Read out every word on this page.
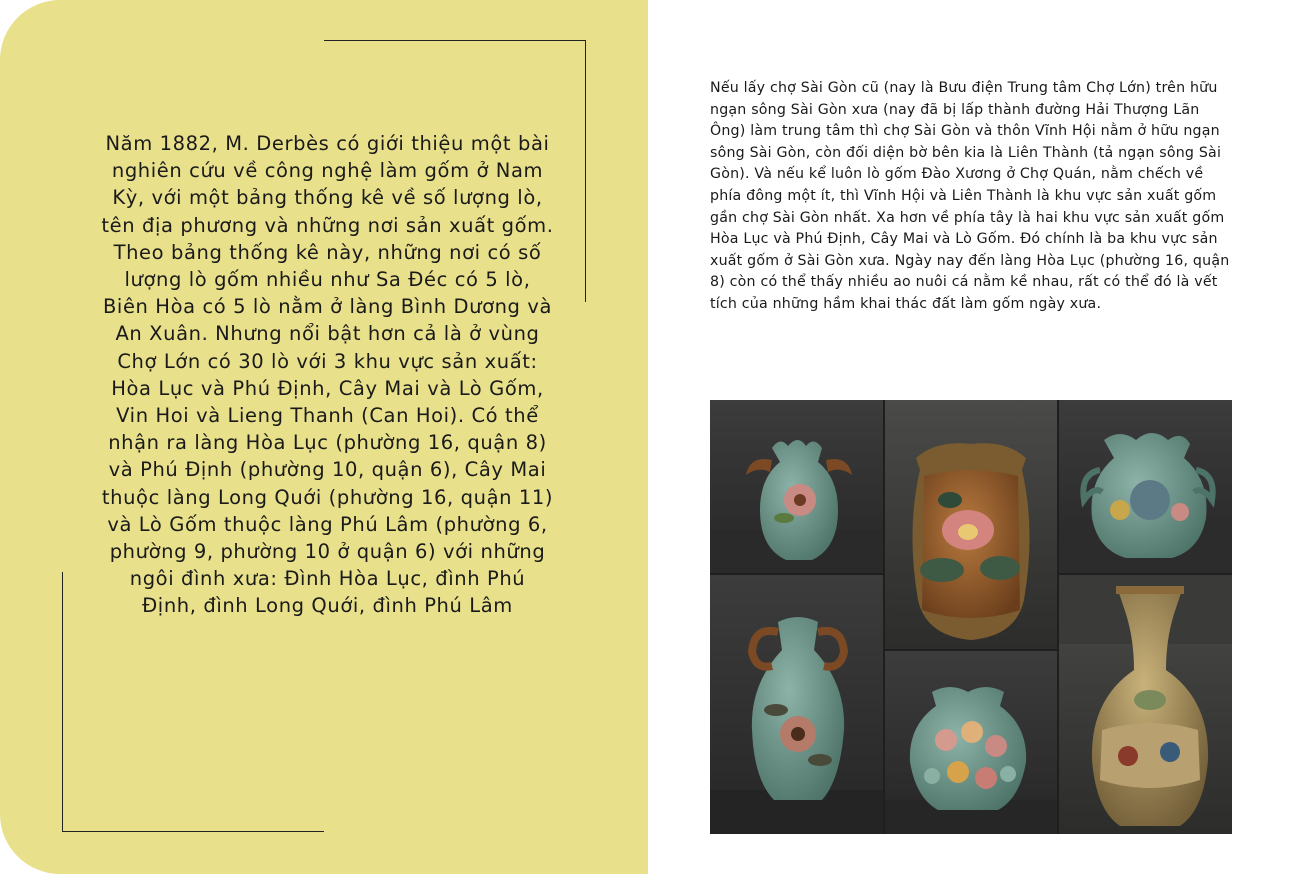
Năm 1882, M. Derbès có giới thiệu một bài nghiên cứu về công nghệ làm gốm ở Nam Kỳ, với một bảng thống kê về số lượng lò, tên địa phương và những nơi sản xuất gốm. Theo bảng thống kê này, những nơi có số lượng lò gốm nhiều như Sa Đéc có 5 lò, Biên Hòa có 5 lò nằm ở làng Bình Dương và An Xuân. Nhưng nổi bật hơn cả là ở vùng Chợ Lớn có 30 lò với 3 khu vực sản xuất: Hòa Lục và Phú Định, Cây Mai và Lò Gốm, Vin Hoi và Lieng Thanh (Can Hoi). Có thể nhận ra làng Hòa Lục (phường 16, quận 8) và Phú Định (phường 10, quận 6), Cây Mai thuộc làng Long Quới (phường 16, quận 11) và Lò Gốm thuộc làng Phú Lâm (phường 6, phường 9, phường 10 ở quận 6) với những ngôi đình xưa: Đình Hòa Lục, đình Phú Định, đình Long Quới, đình Phú Lâm
Nếu lấy chợ Sài Gòn cũ (nay là Bưu điện Trung tâm Chợ Lớn) trên hữu ngạn sông Sài Gòn xưa (nay đã bị lấp thành đường Hải Thượng Lãn Ông) làm trung tâm thì chợ Sài Gòn và thôn Vĩnh Hội nằm ở hữu ngạn sông Sài Gòn, còn đối diện bờ bên kia là Liên Thành (tả ngạn sông Sài Gòn). Và nếu kể luôn lò gốm Đào Xương ở Chợ Quán, nằm chếch về phía đông một ít, thì Vĩnh Hội và Liên Thành là khu vực sản xuất gốm gần chợ Sài Gòn nhất. Xa hơn về phía tây là hai khu vực sản xuất gốm Hòa Lục và Phú Định, Cây Mai và Lò Gốm. Đó chính là ba khu vực sản xuất gốm ở Sài Gòn xưa. Ngày nay đến làng Hòa Lục (phường 16, quận 8) còn có thể thấy nhiều ao nuôi cá nằm kề nhau, rất có thể đó là vết tích của những hầm khai thác đất làm gốm ngày xưa.
